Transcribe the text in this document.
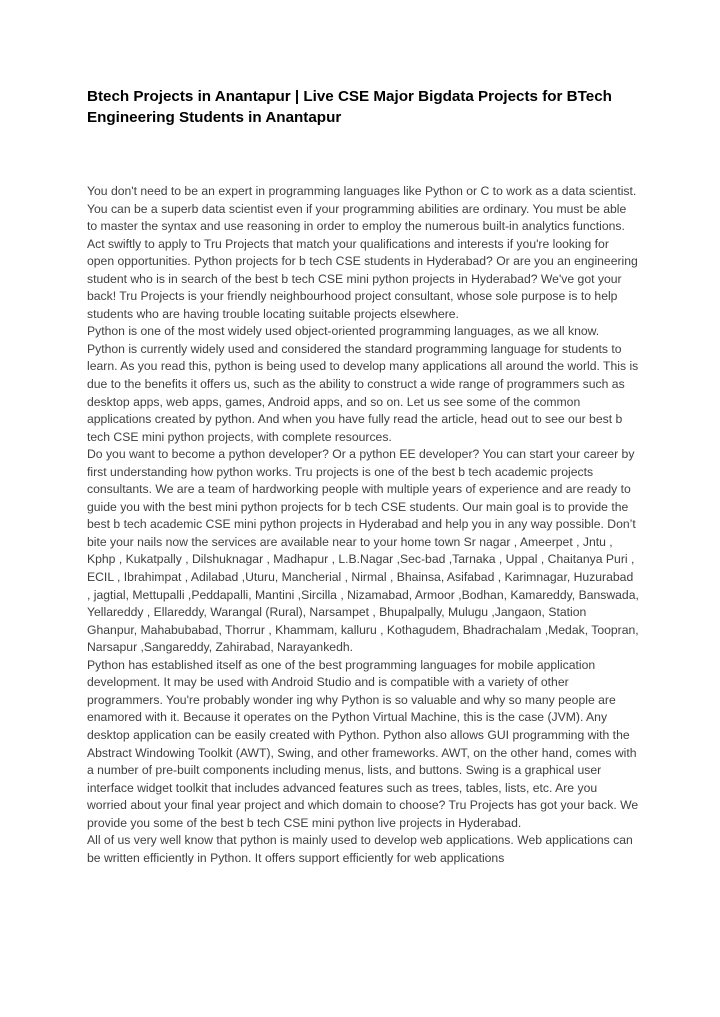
Btech Projects in Anantapur | Live CSE Major Bigdata Projects for BTech Engineering Students in Anantapur

You don't need to be an expert in programming languages like Python or C to work as a data scientist. You can be a superb data scientist even if your programming abilities are ordinary. You must be able to master the syntax and use reasoning in order to employ the numerous built-in analytics functions. Act swiftly to apply to Tru Projects that match your qualifications and interests if you're looking for open opportunities. Python projects for b tech CSE students in Hyderabad? Or are you an engineering student who is in search of the best b tech CSE mini python projects in Hyderabad? We've got your back! Tru Projects is your friendly neighbourhood project consultant, whose sole purpose is to help students who are having trouble locating suitable projects elsewhere.

Python is one of the most widely used object-oriented programming languages, as we all know. Python is currently widely used and considered the standard programming language for students to learn. As you read this, python is being used to develop many applications all around the world. This is due to the benefits it offers us, such as the ability to construct a wide range of programmers such as desktop apps, web apps, games, Android apps, and so on. Let us see some of the common applications created by python. And when you have fully read the article, head out to see our best b tech CSE mini python projects, with complete resources.

Do you want to become a python developer? Or a python EE developer? You can start your career by first understanding how python works. Tru projects is one of the best b tech academic projects consultants. We are a team of hardworking people with multiple years of experience and are ready to guide you with the best mini python projects for b tech CSE students. Our main goal is to provide the best b tech academic CSE mini python projects in Hyderabad and help you in any way possible. Don’t bite your nails now the services are available near to your home town Sr nagar , Ameerpet , Jntu , Kphp , Kukatpally , Dilshuknagar , Madhapur , L.B.Nagar ,Sec-bad ,Tarnaka , Uppal , Chaitanya Puri , ECIL , Ibrahimpat , Adilabad ,Uturu, Mancherial , Nirmal , Bhainsa, Asifabad , Karimnagar, Huzurabad , jagtial, Mettupalli ,Peddapalli, Mantini ,Sircilla , Nizamabad, Armoor ,Bodhan, Kamareddy, Banswada, Yellareddy , Ellareddy, Warangal (Rural), Narsampet , Bhupalpally, Mulugu ,Jangaon, Station Ghanpur, Mahabubabad, Thorrur , Khammam, kalluru , Kothagudem, Bhadrachalam ,Medak, Toopran, Narsapur ,Sangareddy, Zahirabad, Narayankedh.

Python has established itself as one of the best programming languages for mobile application development. It may be used with Android Studio and is compatible with a variety of other programmers. You're probably wonder ing why Python is so valuable and why so many people are enamored with it. Because it operates on the Python Virtual Machine, this is the case (JVM). Any desktop application can be easily created with Python. Python also allows GUI programming with the Abstract Windowing Toolkit (AWT), Swing, and other frameworks. AWT, on the other hand, comes with a number of pre-built components including menus, lists, and buttons. Swing is a graphical user interface widget toolkit that includes advanced features such as trees, tables, lists, etc. Are you worried about your final year project and which domain to choose? Tru Projects has got your back. We provide you some of the best b tech CSE mini python live projects in Hyderabad.

All of us very well know that python is mainly used to develop web applications. Web applications can be written efficiently in Python. It offers support efficiently for web applications
